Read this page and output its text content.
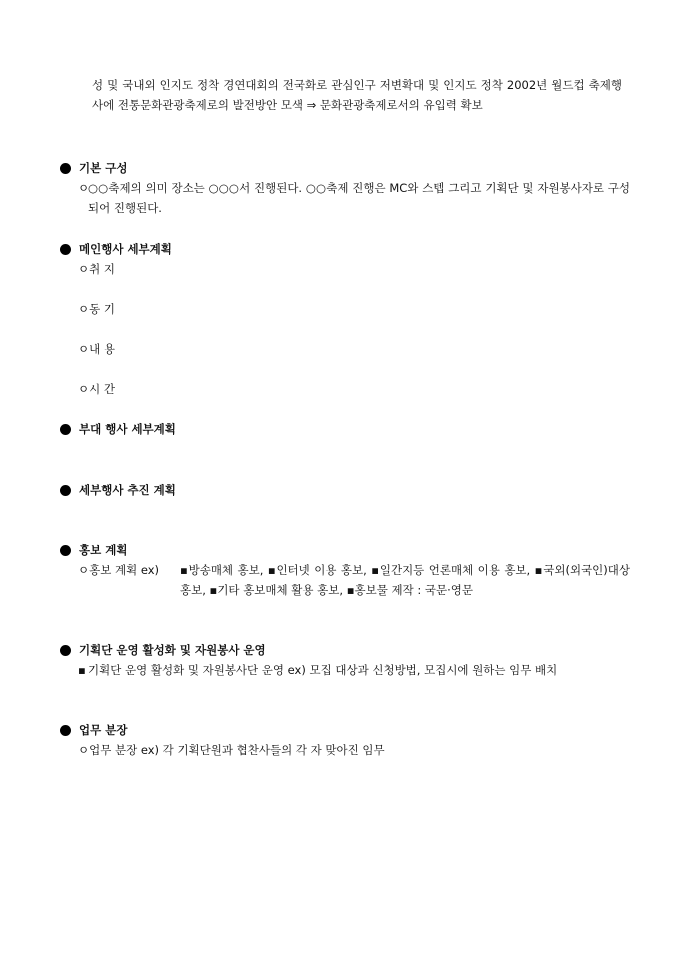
성 및 국내외 인지도 정착 경연대회의 전국화로 관심인구 저변확대 및 인지도 정착 2002년 월드컵 축제행사에 전통문화관광축제로의 발전방안 모색 ⇒ 문화관광축제로서의 유입력 확보
기본 구성
ㅇ
○○축제의 의미 장소는 ○○○서 진행된다. ○○축제 진행은 MC와 스텝 그리고 기획단 및 자원봉사자로 구성되어 진행된다.
메인행사 세부계획
ㅇ취 지
ㅇ동 기
ㅇ내 용
ㅇ시 간
부대 행사 세부계획
세부행사 추진 계획
홍보 계획
ㅇ홍보 계획 ex)	▪방송매체 홍보, ▪인터넷 이용 홍보, ▪일간지등 언론매체 이용 홍보, ▪국외(외국인)대상 홍보, ▪기타 홍보매체 활용 홍보, ▪홍보물 제작 : 국문·영문
기획단 운영 활성화 및 자원봉사 운영
▪ 기획단 운영 활성화 및 자원봉사단 운영 ex) 모집 대상과 신청방법, 모집시에 원하는 임무 배치
업무 분장
ㅇ업무 분장 ex) 각 기획단원과 협찬사들의 각 자 맞아진 임무
